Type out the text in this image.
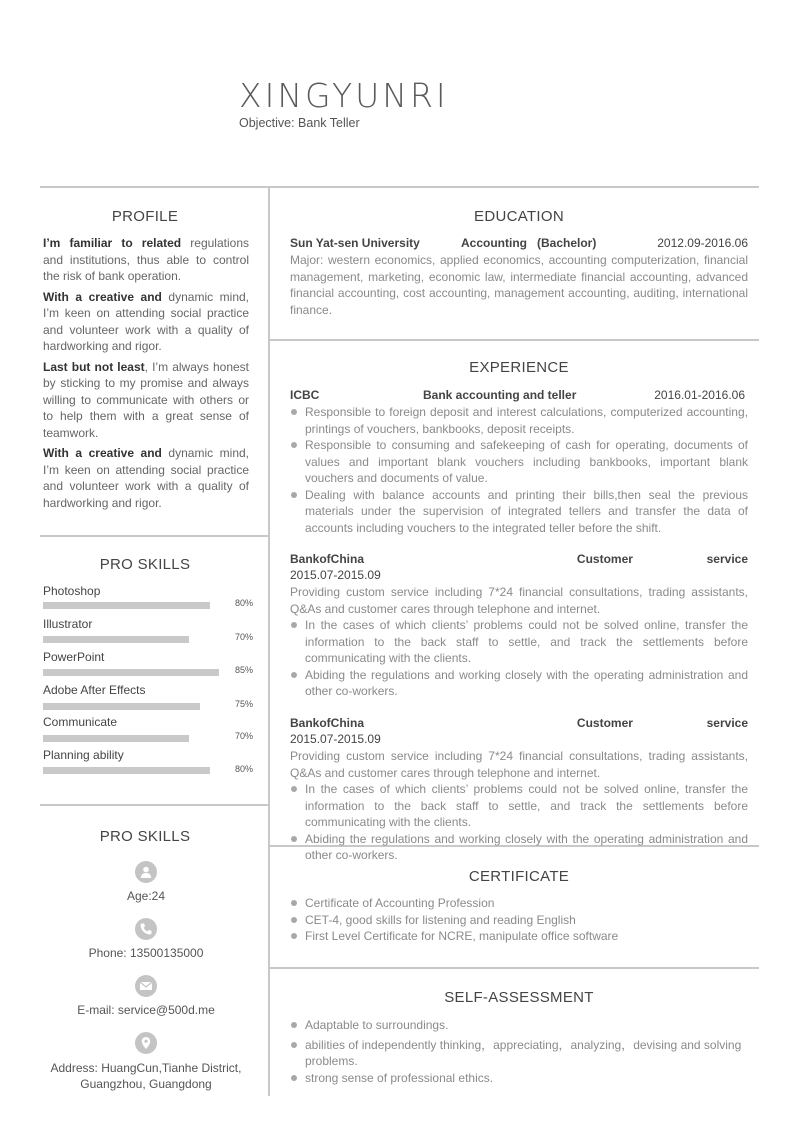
XINGYUNRI
Objective: Bank Teller
PROFILE
I’m familiar to related regulations and institutions, thus able to control the risk of bank operation.
With a creative and dynamic mind, I’m keen on attending social practice and volunteer work with a quality of hardworking and rigor.
Last but not least, I’m always honest by sticking to my promise and always willing to communicate with others or to help them with a great sense of teamwork.
With a creative and dynamic mind, I’m keen on attending social practice and volunteer work with a quality of hardworking and rigor.
PRO SKILLS
Photoshop
80%
Illustrator
70%
PowerPoint
85%
Adobe After Effects
75%
Communicate
70%
Planning ability
80%
PRO SKILLS
Age:24
Phone: 13500135000
E-mail: service@500d.me
Address: HuangCun,Tianhe District,
Guangzhou, Guangdong
EDUCATION
Sun Yat-sen University	Accounting   (Bachelor)	2012.09-2016.06
Major: western economics, applied economics, accounting computerization, financial management, marketing, economic law, intermediate financial accounting, advanced financial accounting, cost accounting, management accounting, auditing, international finance.
EXPERIENCE
ICBC	Bank accounting and teller	2016.01-2016.06
Responsible to foreign deposit and interest calculations, computerized accounting, printings of vouchers, bankbooks, deposit receipts.
Responsible to consuming and safekeeping of cash for operating, documents of values and important blank vouchers including bankbooks, important blank vouchers and documents of value.
Dealing with balance accounts and printing their bills,then seal the previous materials under the supervision of integrated tellers and transfer the data of accounts including vouchers to the integrated teller before the shift.
Bank of China	Customer	service
2015.07-2015.09
Providing custom service including 7*24 financial consultations, trading assistants, Q&As and customer cares through telephone and internet.
In the cases of which clients’ problems could not be solved online, transfer the information to the back staff to settle, and track the settlements before communicating with the clients.
Abiding the regulations and working closely with the operating administration and other co-workers.
Bank of China	Customer	service
2015.07-2015.09
Providing custom service including 7*24 financial consultations, trading assistants, Q&As and customer cares through telephone and internet.
In the cases of which clients’ problems could not be solved online, transfer the information to the back staff to settle, and track the settlements before communicating with the clients.
Abiding the regulations and working closely with the operating administration and other co-workers.
CERTIFICATE
Certificate of Accounting Profession
CET-4, good skills for listening and reading English
First Level Certificate for NCRE, manipulate office software
SELF-ASSESSMENT
Adaptable to surroundings.
abilities of independently thinking，appreciating，analyzing，devising and solving problems.
strong sense of professional ethics.
